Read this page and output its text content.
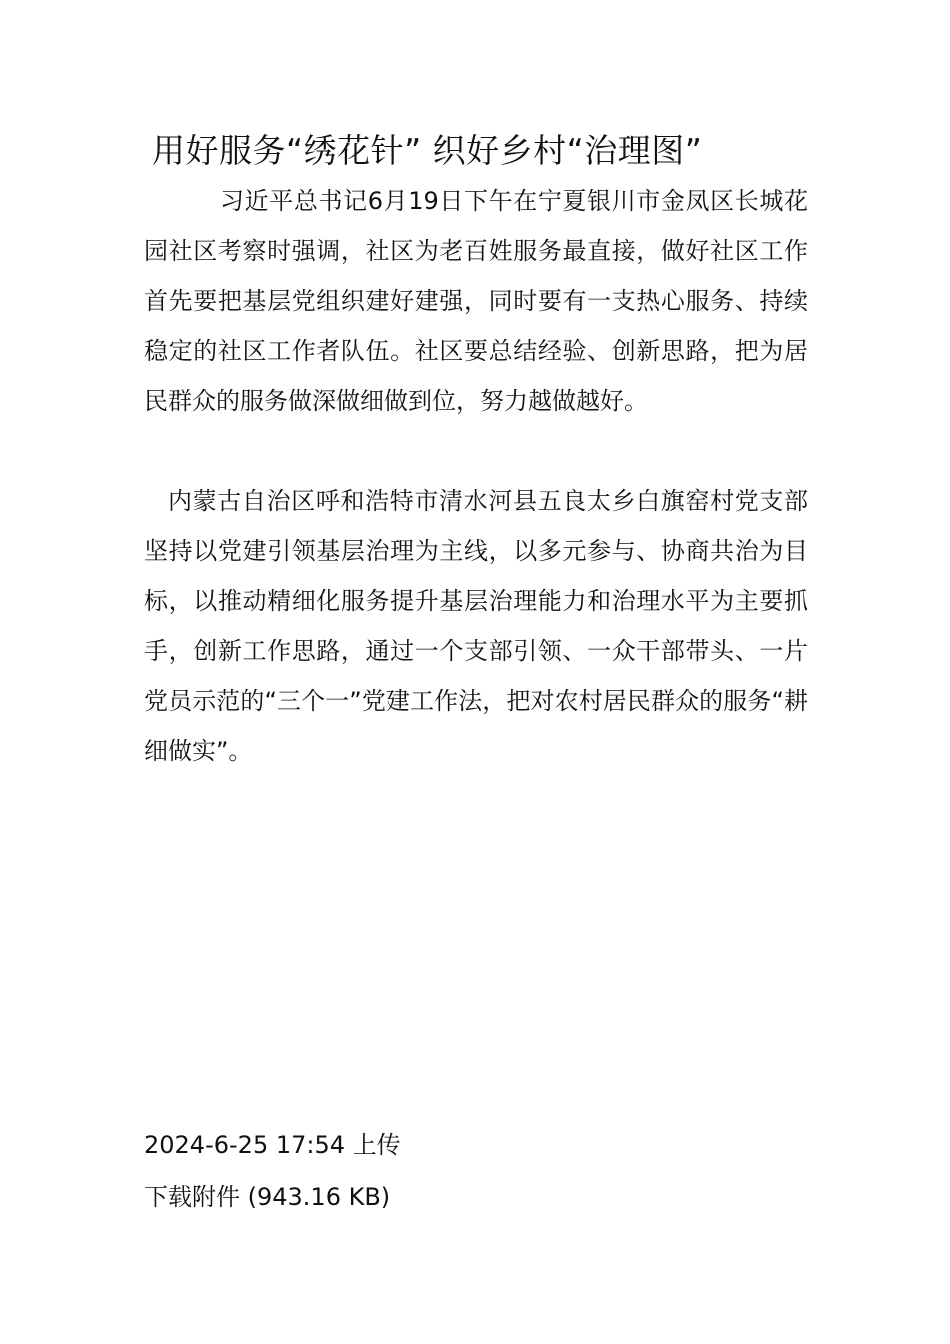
用好服务“绣花针” 织好乡村“治理图”

习近平总书记6月19日下午在宁夏银川市金凤区长城花园社区考察时强调，社区为老百姓服务最直接，做好社区工作首先要把基层党组织建好建强，同时要有一支热心服务、持续稳定的社区工作者队伍。社区要总结经验、创新思路，把为居民群众的服务做深做细做到位，努力越做越好。

内蒙古自治区呼和浩特市清水河县五良太乡白旗窑村党支部坚持以党建引领基层治理为主线，以多元参与、协商共治为目标，以推动精细化服务提升基层治理能力和治理水平为主要抓手，创新工作思路，通过一个支部引领、一众干部带头、一片党员示范的“三个一”党建工作法，把对农村居民群众的服务“耕细做实”。

2024-6-25 17:54 上传
下载附件 (943.16 KB)
